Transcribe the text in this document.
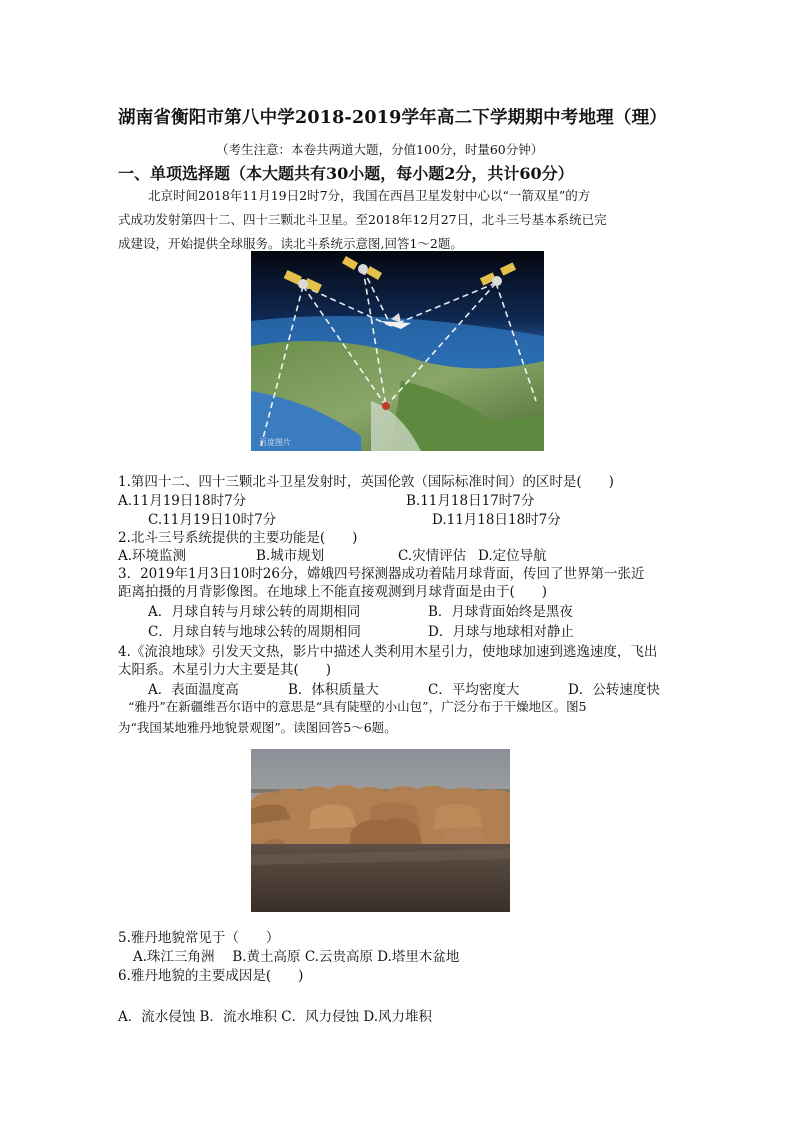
湖南省衡阳市第八中学2018-2019学年高二下学期期中考地理（理）
（考生注意：本卷共两道大题，分值100分，时量60分钟）
一、单项选择题（本大题共有30小题，每小题2分，共计60分）
北京时间2018年11月19日2时7分，我国在西昌卫星发射中心以“一箭双星”的方
式成功发射第四十二、四十三颗北斗卫星。至2018年12月27日，北斗三号基本系统已完
成建设，开始提供全球服务。读北斗系统示意图,回答1～2题。
百度图片
1.第四十二、四十三颗北斗卫星发射时，英国伦敦（国际标准时间）的区时是(　　)
A.11月19日18时7分	B.11月18日17时7分
C.11月19日10时7分	D.11月18日18时7分
2.北斗三号系统提供的主要功能是(　　)
A.环境监测	B.城市规划	C.灾情评估 D.定位导航
3．2019年1月3日10时26分，嫦娥四号探测器成功着陆月球背面，传回了世界第一张近
距离拍摄的月背影像图。在地球上不能直接观测到月球背面是由于(　　)
A．月球自转与月球公转的周期相同	B．月球背面始终是黑夜
C．月球自转与地球公转的周期相同	D．月球与地球相对静止
4.《流浪地球》引发天文热，影片中描述人类利用木星引力，使地球加速到逃逸速度，飞出
太阳系。木星引力大主要是其(　　)
A．表面温度高	B．体积质量大	C．平均密度大	D．公转速度快
“雅丹”在新疆维吾尔语中的意思是“具有陡壁的小山包”，广泛分布于干燥地区。图5
为“我国某地雅丹地貌景观图”。读图回答5～6题。
5.雅丹地貌常见于（　　）
A.珠江三角洲　 B.黄土高原 C.云贵高原 D.塔里木盆地
6.雅丹地貌的主要成因是(　　)
A．流水侵蚀 B．流水堆积 C．风力侵蚀 D.风力堆积
